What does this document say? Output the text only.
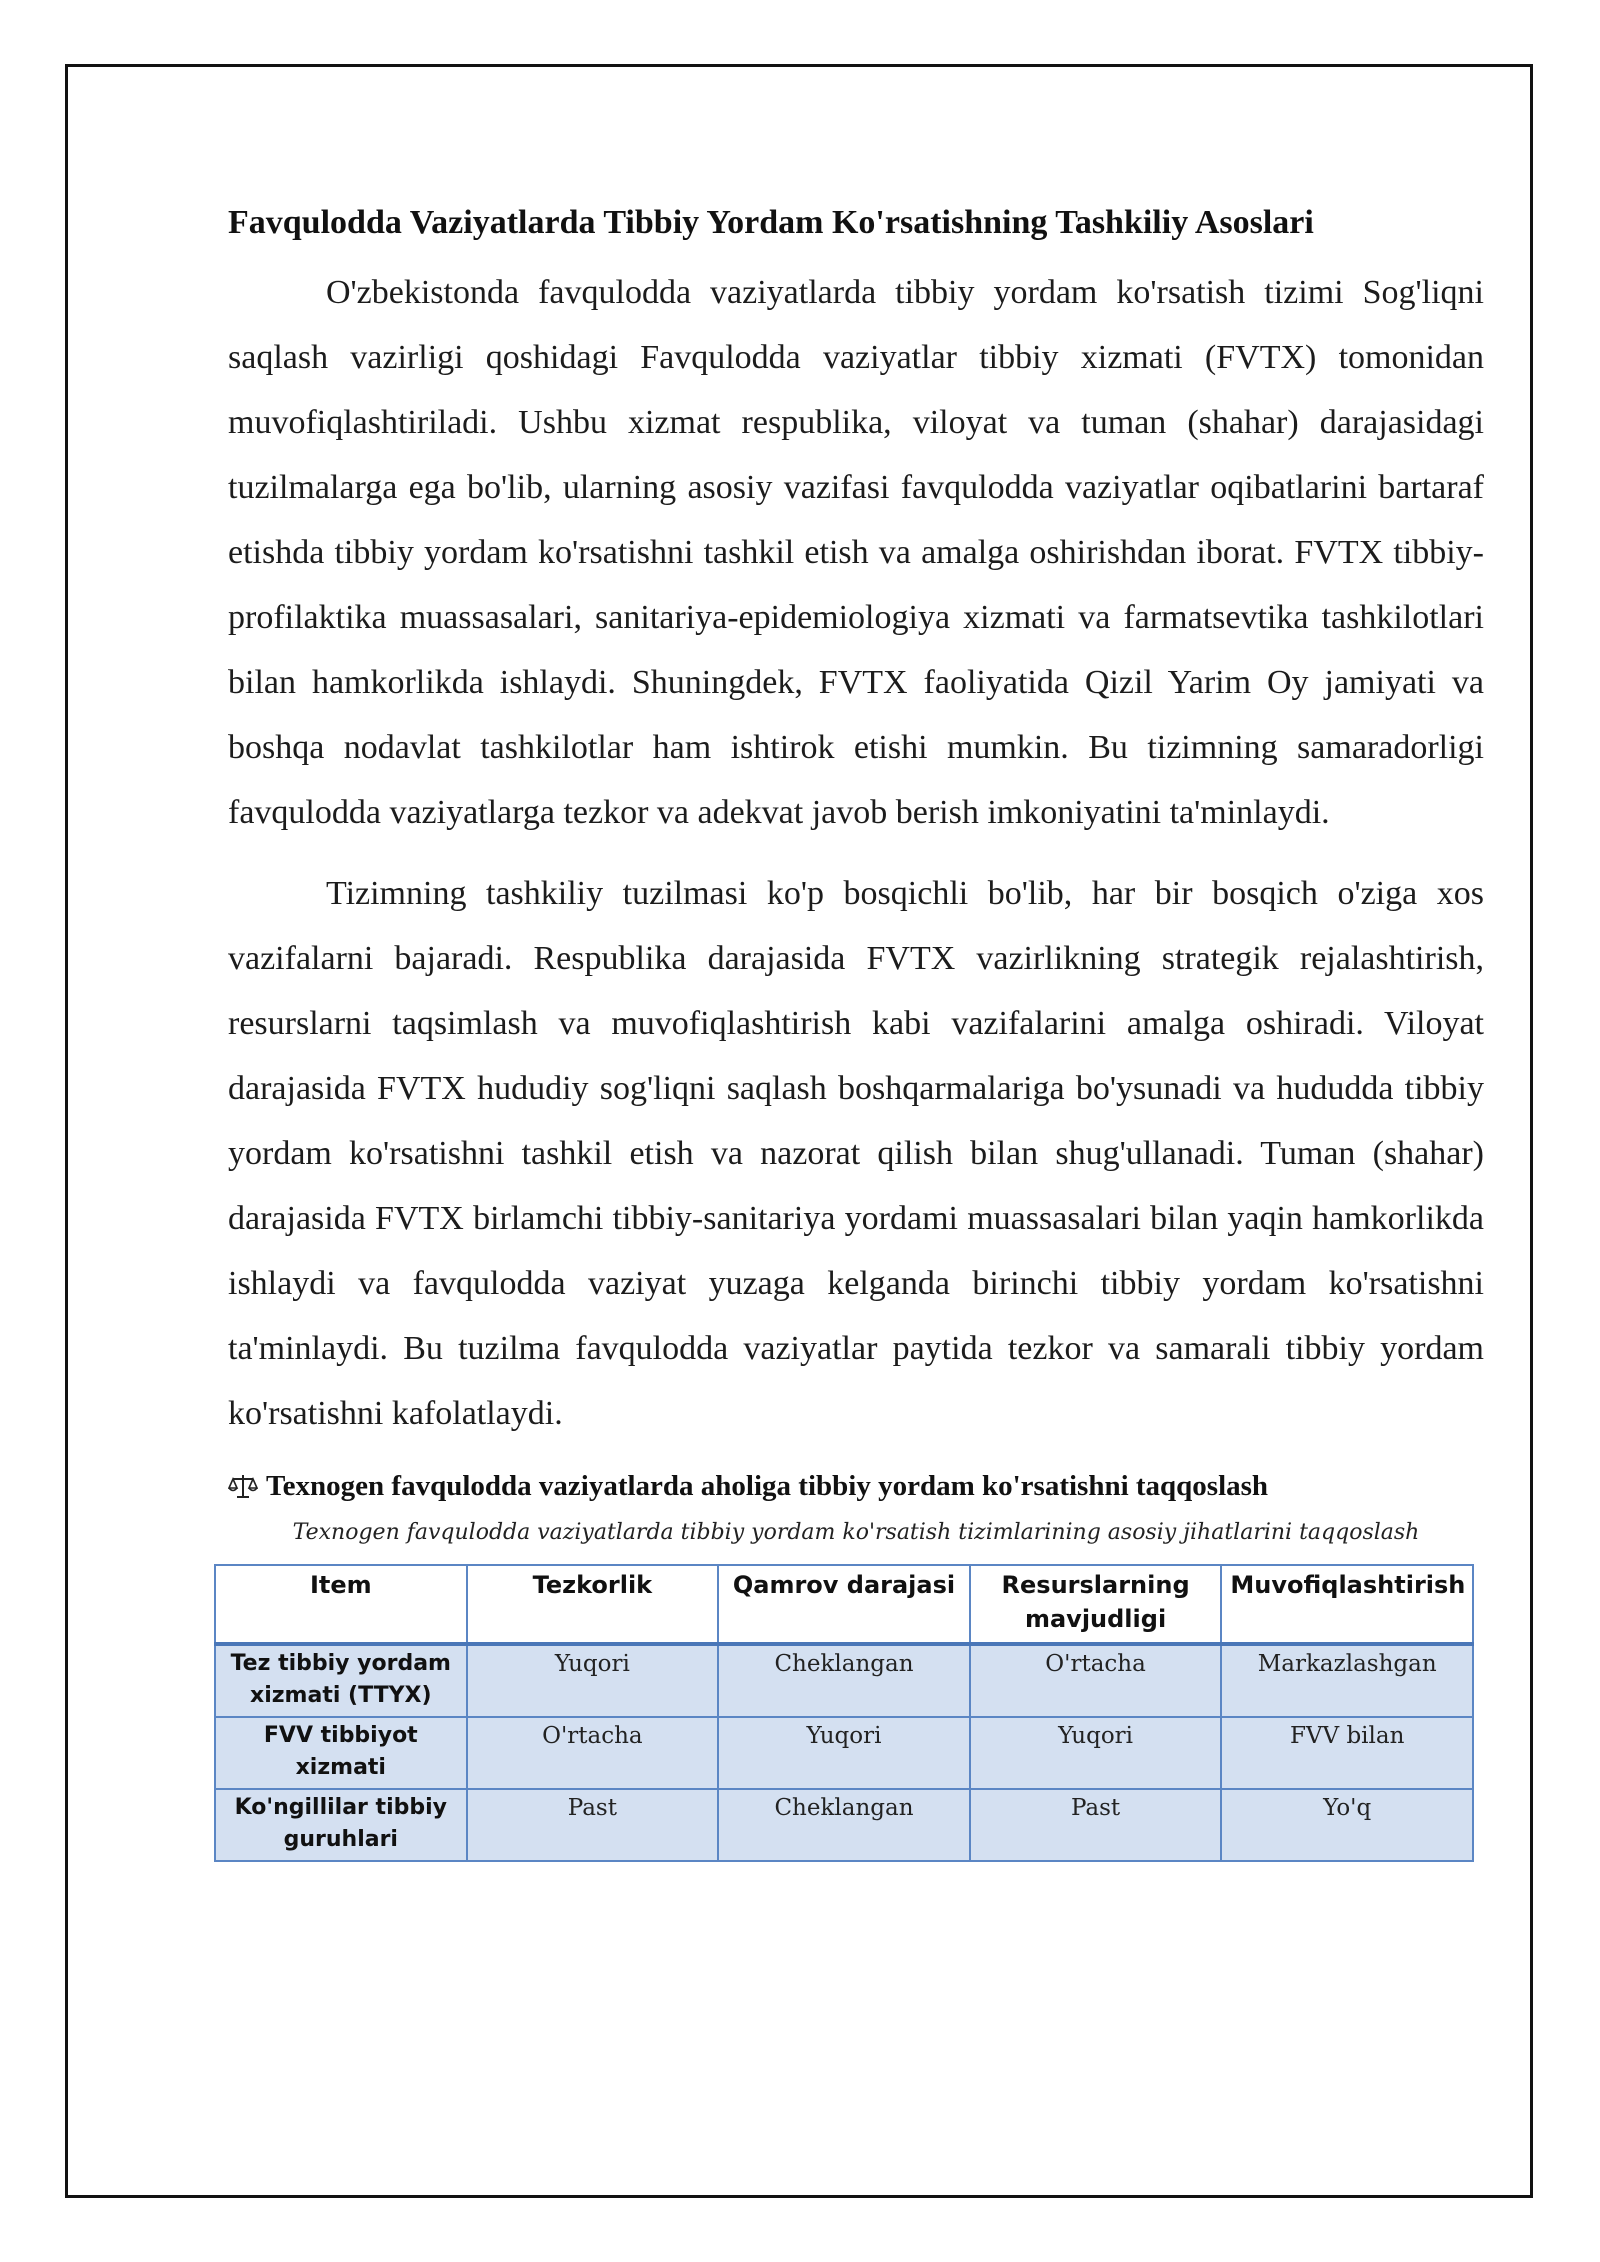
Favqulodda Vaziyatlarda Tibbiy Yordam Ko'rsatishning Tashkiliy Asoslari

O'zbekistonda favqulodda vaziyatlarda tibbiy yordam ko'rsatish tizimi Sog'liqni saqlash vazirligi qoshidagi Favqulodda vaziyatlar tibbiy xizmati (FVTX) tomonidan muvofiqlashtiriladi. Ushbu xizmat respublika, viloyat va tuman (shahar) darajasidagi tuzilmalarga ega bo'lib, ularning asosiy vazifasi favqulodda vaziyatlar oqibatlarini bartaraf etishda tibbiy yordam ko'rsatishni tashkil etish va amalga oshirishdan iborat. FVTX tibbiy-profilaktika muassasalari, sanitariya-epidemiologiya xizmati va farmatsevtika tashkilotlari bilan hamkorlikda ishlaydi. Shuningdek, FVTX faoliyatida Qizil Yarim Oy jamiyati va boshqa nodavlat tashkilotlar ham ishtirok etishi mumkin. Bu tizimning samaradorligi favqulodda vaziyatlarga tezkor va adekvat javob berish imkoniyatini ta'minlaydi.

Tizimning tashkiliy tuzilmasi ko'p bosqichli bo'lib, har bir bosqich o'ziga xos vazifalarni bajaradi. Respublika darajasida FVTX vazirlikning strategik rejalashtirish, resurslarni taqsimlash va muvofiqlashtirish kabi vazifalarini amalga oshiradi. Viloyat darajasida FVTX hududiy sog'liqni saqlash boshqarmalariga bo'ysunadi va hududda tibbiy yordam ko'rsatishni tashkil etish va nazorat qilish bilan shug'ullanadi. Tuman (shahar) darajasida FVTX birlamchi tibbiy-sanitariya yordami muassasalari bilan yaqin hamkorlikda ishlaydi va favqulodda vaziyat yuzaga kelganda birinchi tibbiy yordam ko'rsatishni ta'minlaydi. Bu tuzilma favqulodda vaziyatlar paytida tezkor va samarali tibbiy yordam ko'rsatishni kafolatlaydi.

Texnogen favqulodda vaziyatlarda aholiga tibbiy yordam ko'rsatishni taqqoslash
Texnogen favqulodda vaziyatlarda tibbiy yordam ko'rsatish tizimlarining asosiy jihatlarini taqqoslash
Item	Tezkorlik	Qamrov darajasi	Resurslarning mavjudligi	Muvofiqlashtirish
Tez tibbiy yordam xizmati (TTYX)	Yuqori	Cheklangan	O'rtacha	Markazlashgan
FVV tibbiyot xizmati	O'rtacha	Yuqori	Yuqori	FVV bilan
Ko'ngillilar tibbiy guruhlari	Past	Cheklangan	Past	Yo'q
